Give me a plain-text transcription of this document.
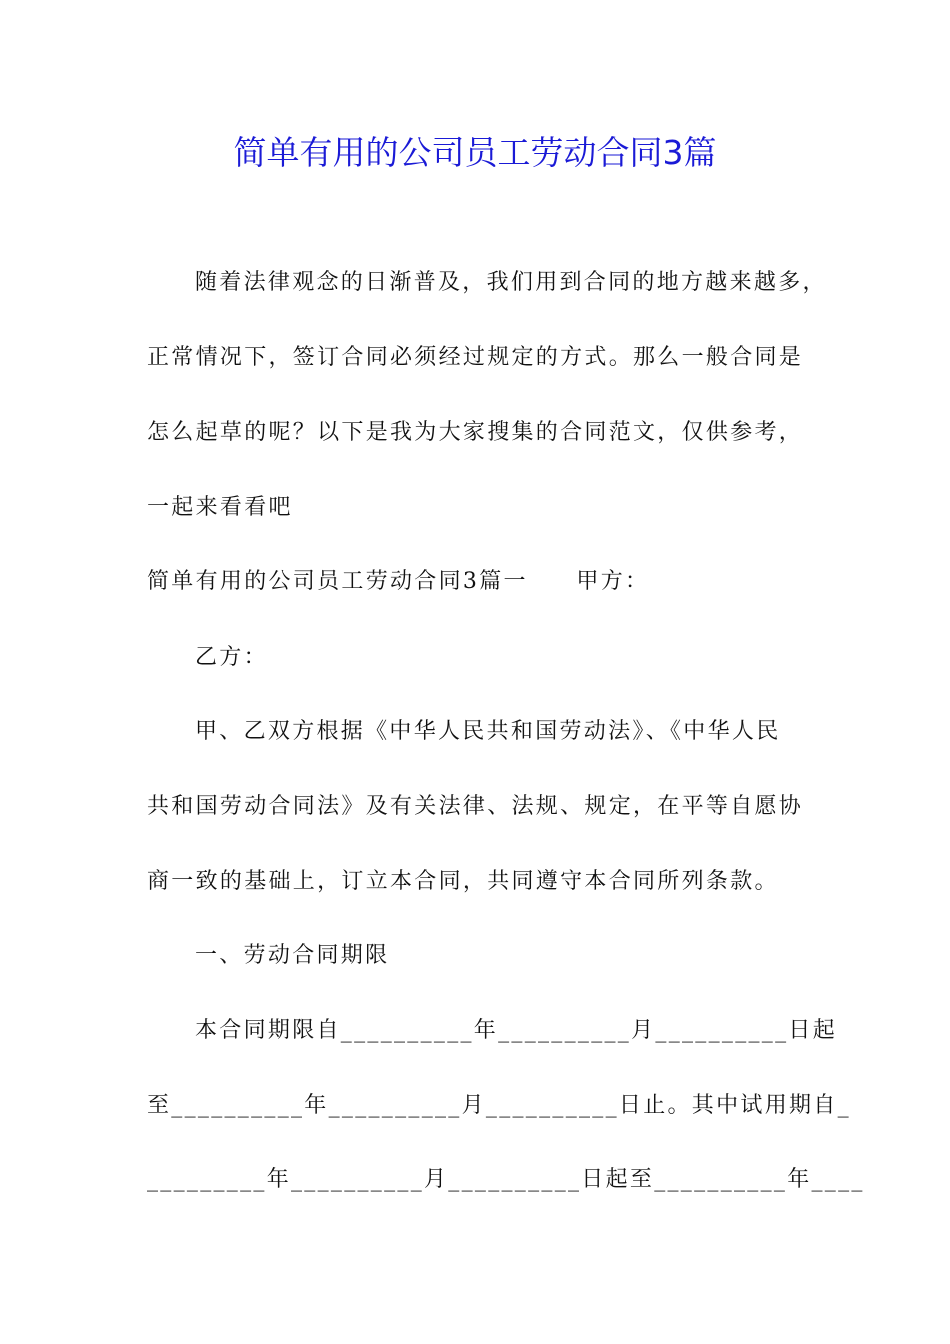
简单有用的公司员工劳动合同3篇
随着法律观念的日渐普及，我们用到合同的地方越来越多，
正常情况下，签订合同必须经过规定的方式。那么一般合同是
怎么起草的呢？以下是我为大家搜集的合同范文，仅供参考，
一起来看看吧
简单有用的公司员工劳动合同3篇一　　甲方：
乙方：
甲、乙双方根据《中华人民共和国劳动法》、《中华人民
共和国劳动合同法》及有关法律、法规、规定，在平等自愿协
商一致的基础上，订立本合同，共同遵守本合同所列条款。
一、劳动合同期限
本合同期限自__________年__________月__________日起
至__________年__________月__________日止。其中试用期自_
_________年__________月__________日起至__________年____
